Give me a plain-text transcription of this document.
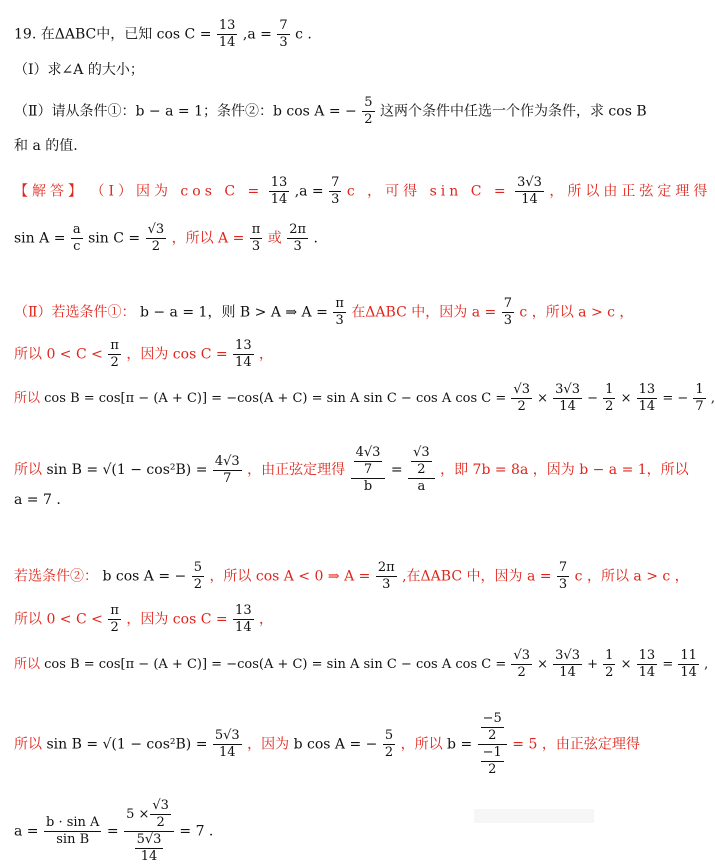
19. 在ΔABC中，已知 $\cos C = \frac{13}{14} ,a = \frac{7}{3}$ c .
（Ⅰ）求∠A 的大小；
（Ⅱ）请从条件①：b − a = 1；条件②：b cos A = − $\frac{5}{2}$ 这两个条件中任选一个作为条件，求 cos B
和 a 的值.
【解答】 （Ⅰ）因为 $\cos C = \frac{13}{14} ,a = \frac{7}{3}$ c ，可得 $\sin C = \frac{3√3}{14}$ ，所以由正弦定理得
$\sin A = \frac{a}{c}$ $\sin C = \frac{√3}{2}$ ，所以 $A = \frac{\pi}{3}$ 或 $\frac{2\pi}{3}$ .
（Ⅱ）若选条件①： b − a = 1，则 B > A ⇒ $A = \frac{\pi}{3}$ 在ΔABC 中，因为 $a = \frac{7}{3}$ c ，所以 a > c ，
所以 $0 < C < \frac{\pi}{2}$ ，因为 $\cos C = \frac{13}{14}$ ，
所以 cos B = cos[π − (A + C)] = −cos(A + C) = sin A sin C − cos A $\cos C = \frac{√3}{2} \times \frac{3√3}{14} - \frac{1}{2} \times \frac{13}{14}$ = − $\frac{1}{7}$ ,
所以 $\sin B = √(1 - \cos^2B) = \frac{4√3}{7}$ ，由正弦定理得 $\frac{\frac{4√3}{7}}{b} = \frac{\frac{√3}{2}}{a}$ ，即 7b = 8a ，因为 b − a = 1，所以
a = 7 .
若选条件②： b cos A = − $\frac{5}{2}$ ，所以 cos A < 0 ⇒ $A = \frac{2\pi}{3}$ ,在ΔABC 中，因为 $a = \frac{7}{3}$ c ，所以 a > c ，
所以 $0 < C < \frac{\pi}{2}$ ，因为 $\cos C = \frac{13}{14}$ ，
所以 cos B = cos[π − (A + C)] = −cos(A + C) = sin A sin C − cos A $\cos C = \frac{√3}{2} \times \frac{3√3}{14} + \frac{1}{2} \times \frac{13}{14} = \frac{11}{14}$ ,
所以 $\sin B = √(1 - \cos^2B) = \frac{5√3}{14}$ ，因为 b cos A = − $\frac{5}{2}$ ，所以 $b = \frac{\frac{-5}{2}}{\frac{-1}{2}} = 5$ ，由正弦定理得
$a = \frac{\text{b · sin A}}{\text{sin B}} = \frac{5 \times \frac{√3}{2}}{\frac{5√3}{14}} = 7$ .
